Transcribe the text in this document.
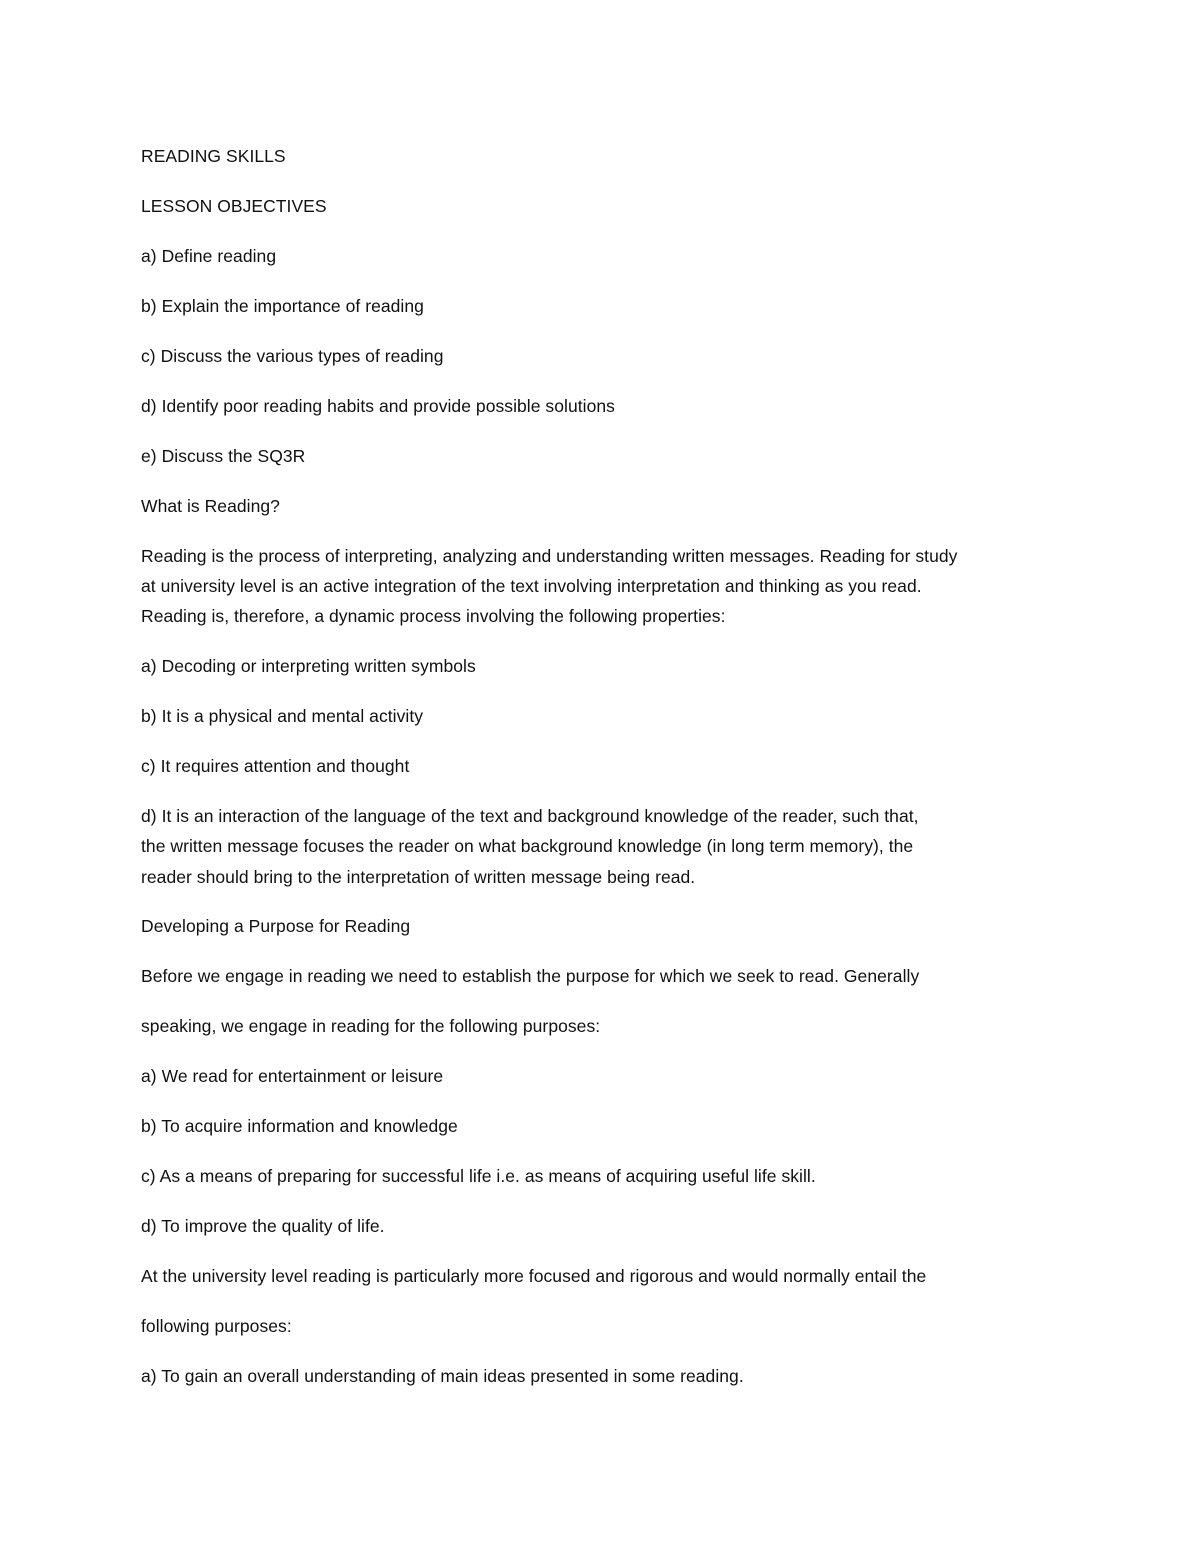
READING SKILLS

LESSON OBJECTIVES

a) Define reading

b) Explain the importance of reading

c) Discuss the various types of reading

d) Identify poor reading habits and provide possible solutions

e) Discuss the SQ3R

What is Reading?

Reading is the process of interpreting, analyzing and understanding written messages. Reading for study

at university level is an active integration of the text involving interpretation and thinking as you read.

Reading is, therefore, a dynamic process involving the following properties:

a) Decoding or interpreting written symbols

b) It is a physical and mental activity

c) It requires attention and thought

d) It is an interaction of the language of the text and background knowledge of the reader, such that,

the written message focuses the reader on what background knowledge (in long term memory), the

reader should bring to the interpretation of written message being read.

Developing a Purpose for Reading

Before we engage in reading we need to establish the purpose for which we seek to read. Generally

speaking, we engage in reading for the following purposes:

a) We read for entertainment or leisure

b) To acquire information and knowledge

c) As a means of preparing for successful life i.e. as means of acquiring useful life skill.

d) To improve the quality of life.

At the university level reading is particularly more focused and rigorous and would normally entail the

following purposes:

a) To gain an overall understanding of main ideas presented in some reading.
